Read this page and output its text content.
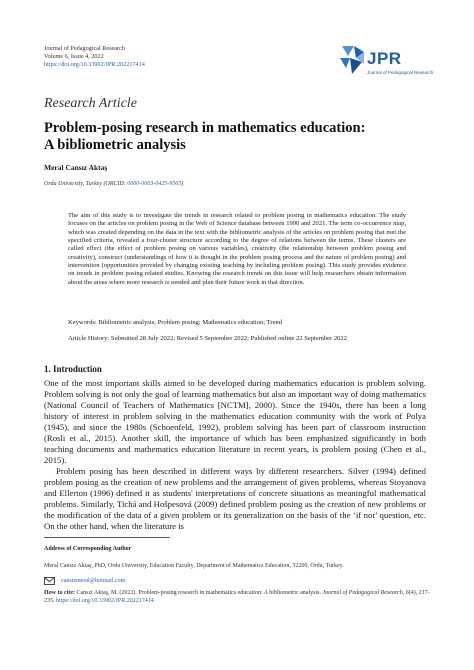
Journal of Pedagogical Research
Volume 6, Issue 4, 2022
https://doi.org/10.33902/JPR.202217414	JPR
Journal of Pedagogical Research
Research Article
Problem-posing research in mathematics education:
A bibliometric analysis
Meral Cansız Aktaş
Ordu University, Turkey (ORCID: 0000-0003-0425-9565)
The aim of this study is to investigate the trends in research related to problem posing in mathematics education. The study focuses on the articles on problem posing in the Web of Science database between 1990 and 2021. The term co-occurrence map, which was created depending on the data in the text with the bibliometric analysis of the articles on problem posing that met the specified criteria, revealed a four-cluster structure according to the degree of relations between the terms. These clusters are called effect (the effect of problem posing on various variables), creativity (the relationship between problem posing and creativity), construct (understandings of how it is thought in the problem posing process and the nature of problem posing) and intervention (opportunities provided by changing existing teaching by including problem posing). This study provides evidence on trends in problem posing related studies. Knowing the research trends on this issue will help researchers obtain information about the areas where more research is needed and plan their future work in that direction.
Keywords: Bibliometric analysis; Problem posing; Mathematics education; Trend
Article History: Submitted 28 July 2022; Revised 5 September 2022; Published online 22 September 2022
1. Introduction

One of the most important skills aimed to be developed during mathematics education is problem solving. Problem solving is not only the goal of learning mathematics but also an important way of doing mathematics (National Council of Teachers of Mathematics [NCTM], 2000). Since the 1940s, there has been a long history of interest in problem solving in the mathematics education community with the work of Polya (1945), and since the 1980s (Schoenfeld, 1992), problem solving has been part of classroom instruction (Rosli et al., 2015). Another skill, the importance of which has been emphasized significantly in both teaching documents and mathematics education literature in recent years, is problem posing (Chen et al., 2015).

Problem posing has been described in different ways by different researchers. Silver (1994) defined problem posing as the creation of new problems and the arrangement of given problems, whereas Stoyanova and Ellerton (1996) defined it as students' interpretations of concrete situations as meaningful mathematical problems. Similarly, Tichá and Hošpesová (2009) defined problem posing as the creation of new problems or the modification of the data of a given problem or its generalization on the basis of the ‘if not’ question, etc. On the other hand, when the literature is

Address of Corresponding Author
Meral Cansız Aktaş, PhD, Ordu University, Education Faculty, Department of Mathematics Education, 52200, Ordu, Turkey.
cansizmeral@hotmail.com
How to cite: Cansız Aktaş, M. (2022). Problem-posing research in mathematics education: A bibliometric analysis. Journal of Pedagogical Research, 6(4), 217-235. https://doi.org/10.33902/JPR.202217414
